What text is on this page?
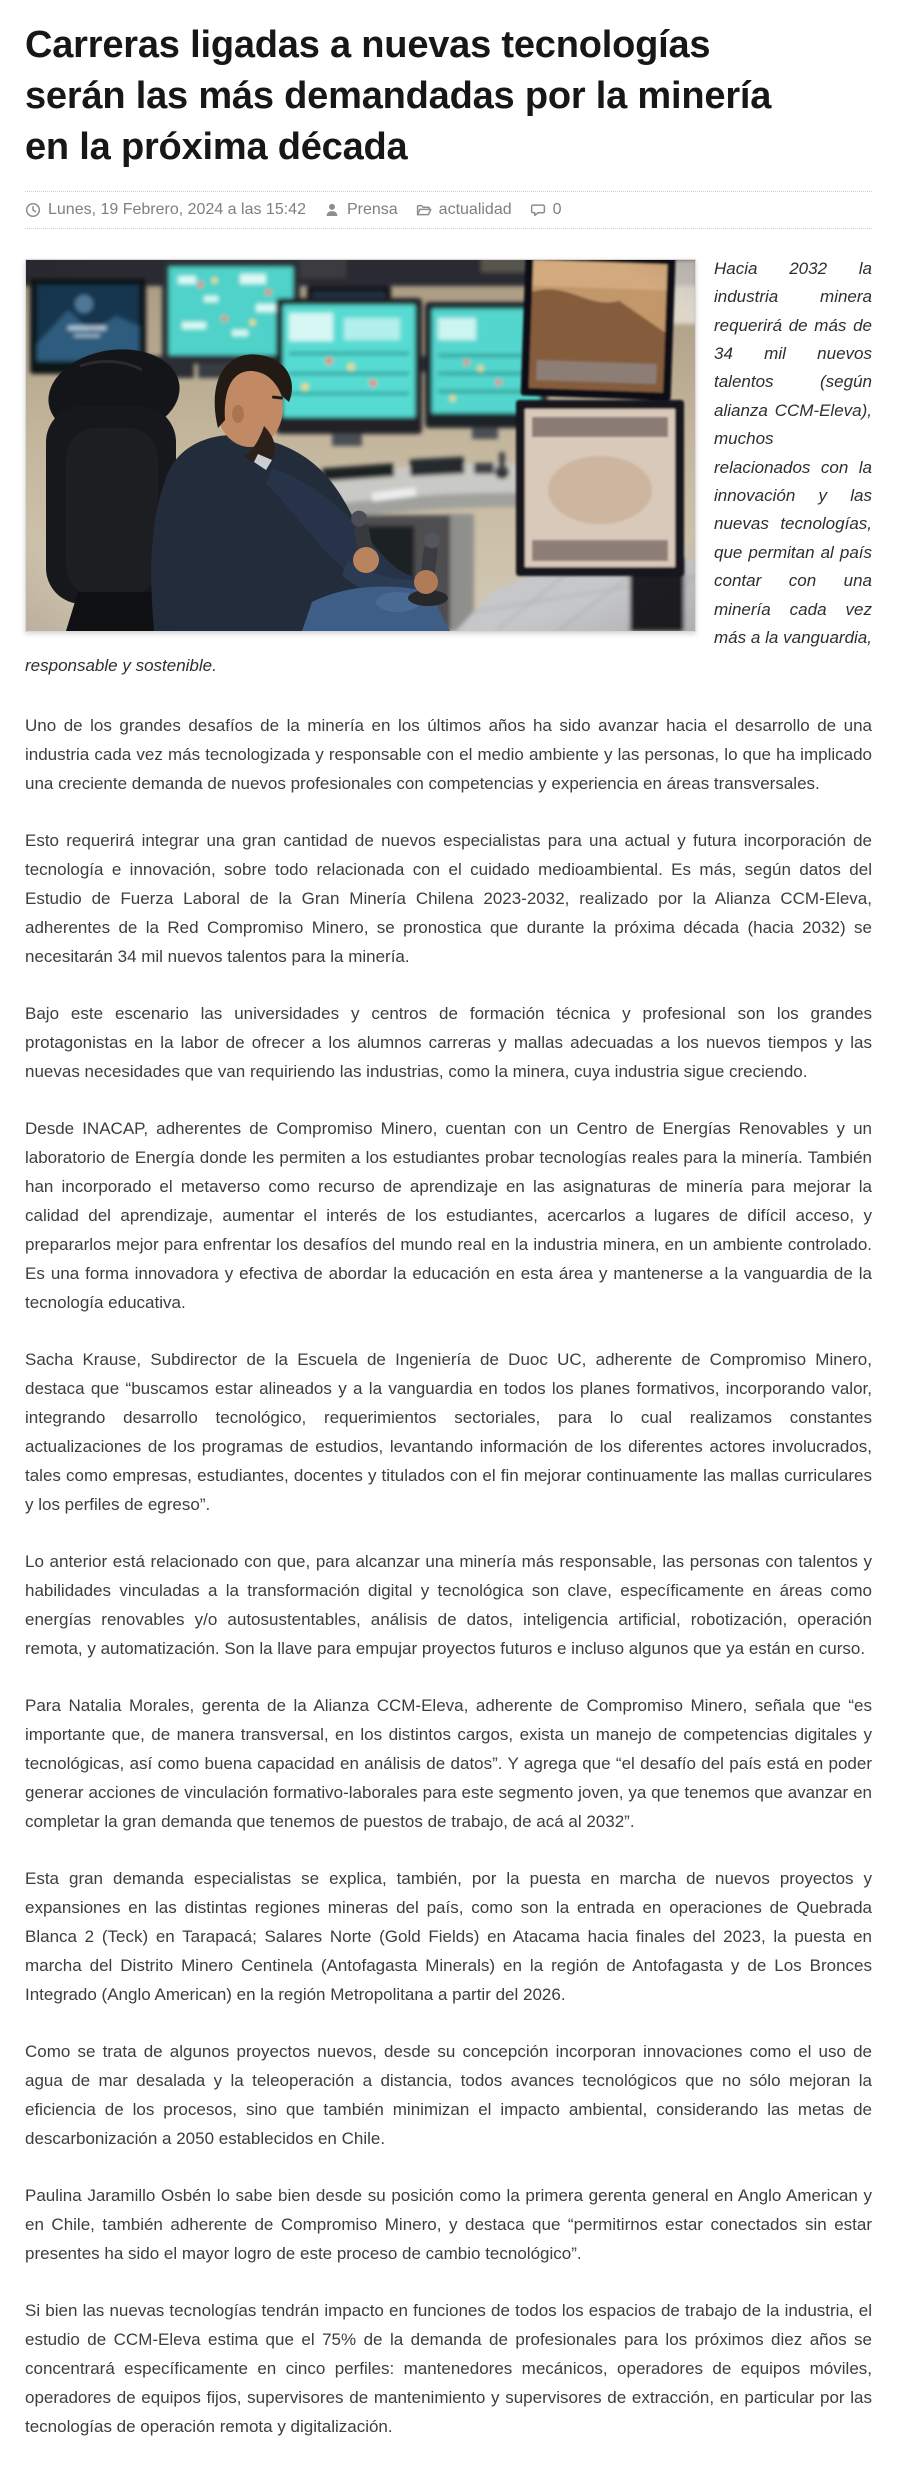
Carreras ligadas a nuevas tecnologías serán las más demandadas por la minería en la próxima década
Lunes, 19 Febrero, 2024 a las 15:42	Prensa	actualidad	0

Hacia 2032 la industria minera requerirá de más de 34 mil nuevos talentos (según alianza CCM-Eleva), muchos relacionados con la innovación y las nuevas tecnologías, que permitan al país contar con una minería cada vez más a la vanguardia, responsable y sostenible.

Uno de los grandes desafíos de la minería en los últimos años ha sido avanzar hacia el desarrollo de una industria cada vez más tecnologizada y responsable con el medio ambiente y las personas, lo que ha implicado una creciente demanda de nuevos profesionales con competencias y experiencia en áreas transversales.

Esto requerirá integrar una gran cantidad de nuevos especialistas para una actual y futura incorporación de tecnología e innovación, sobre todo relacionada con el cuidado medioambiental. Es más, según datos del Estudio de Fuerza Laboral de la Gran Minería Chilena 2023-2032, realizado por la Alianza CCM-Eleva, adherentes de la Red Compromiso Minero, se pronostica que durante la próxima década (hacia 2032) se necesitarán 34 mil nuevos talentos para la minería.

Bajo este escenario las universidades y centros de formación técnica y profesional son los grandes protagonistas en la labor de ofrecer a los alumnos carreras y mallas adecuadas a los nuevos tiempos y las nuevas necesidades que van requiriendo las industrias, como la minera, cuya industria sigue creciendo.

Desde INACAP, adherentes de Compromiso Minero, cuentan con un Centro de Energías Renovables y un laboratorio de Energía donde les permiten a los estudiantes probar tecnologías reales para la minería. También han incorporado el metaverso como recurso de aprendizaje en las asignaturas de minería para mejorar la calidad del aprendizaje, aumentar el interés de los estudiantes, acercarlos a lugares de difícil acceso, y prepararlos mejor para enfrentar los desafíos del mundo real en la industria minera, en un ambiente controlado. Es una forma innovadora y efectiva de abordar la educación en esta área y mantenerse a la vanguardia de la tecnología educativa.

Sacha Krause, Subdirector de la Escuela de Ingeniería de Duoc UC, adherente de Compromiso Minero, destaca que “buscamos estar alineados y a la vanguardia en todos los planes formativos, incorporando valor, integrando desarrollo tecnológico, requerimientos sectoriales, para lo cual realizamos constantes actualizaciones de los programas de estudios, levantando información de los diferentes actores involucrados, tales como empresas, estudiantes, docentes y titulados con el fin mejorar continuamente las mallas curriculares y los perfiles de egreso”.

Lo anterior está relacionado con que, para alcanzar una minería más responsable, las personas con talentos y habilidades vinculadas a la transformación digital y tecnológica son clave, específicamente en áreas como energías renovables y/o autosustentables, análisis de datos, inteligencia artificial, robotización, operación remota, y automatización. Son la llave para empujar proyectos futuros e incluso algunos que ya están en curso.

Para Natalia Morales, gerenta de la Alianza CCM-Eleva, adherente de Compromiso Minero, señala que “es importante que, de manera transversal, en los distintos cargos, exista un manejo de competencias digitales y tecnológicas, así como buena capacidad en análisis de datos”. Y agrega que “el desafío del país está en poder generar acciones de vinculación formativo-laborales para este segmento joven, ya que tenemos que avanzar en completar la gran demanda que tenemos de puestos de trabajo, de acá al 2032”.

Esta gran demanda especialistas se explica, también, por la puesta en marcha de nuevos proyectos y expansiones en las distintas regiones mineras del país, como son la entrada en operaciones de Quebrada Blanca 2 (Teck) en Tarapacá; Salares Norte (Gold Fields) en Atacama hacia finales del 2023, la puesta en marcha del Distrito Minero Centinela (Antofagasta Minerals) en la región de Antofagasta y de Los Bronces Integrado (Anglo American) en la región Metropolitana a partir del 2026.

Como se trata de algunos proyectos nuevos, desde su concepción incorporan innovaciones como el uso de agua de mar desalada y la teleoperación a distancia, todos avances tecnológicos que no sólo mejoran la eficiencia de los procesos, sino que también minimizan el impacto ambiental, considerando las metas de descarbonización a 2050 establecidos en Chile.

Paulina Jaramillo Osbén lo sabe bien desde su posición como la primera gerenta general en Anglo American y en Chile, también adherente de Compromiso Minero, y destaca que “permitirnos estar conectados sin estar presentes ha sido el mayor logro de este proceso de cambio tecnológico”.

Si bien las nuevas tecnologías tendrán impacto en funciones de todos los espacios de trabajo de la industria, el estudio de CCM-Eleva estima que el 75% de la demanda de profesionales para los próximos diez años se concentrará específicamente en cinco perfiles: mantenedores mecánicos, operadores de equipos móviles, operadores de equipos fijos, supervisores de mantenimiento y supervisores de extracción, en particular por las tecnologías de operación remota y digitalización.
